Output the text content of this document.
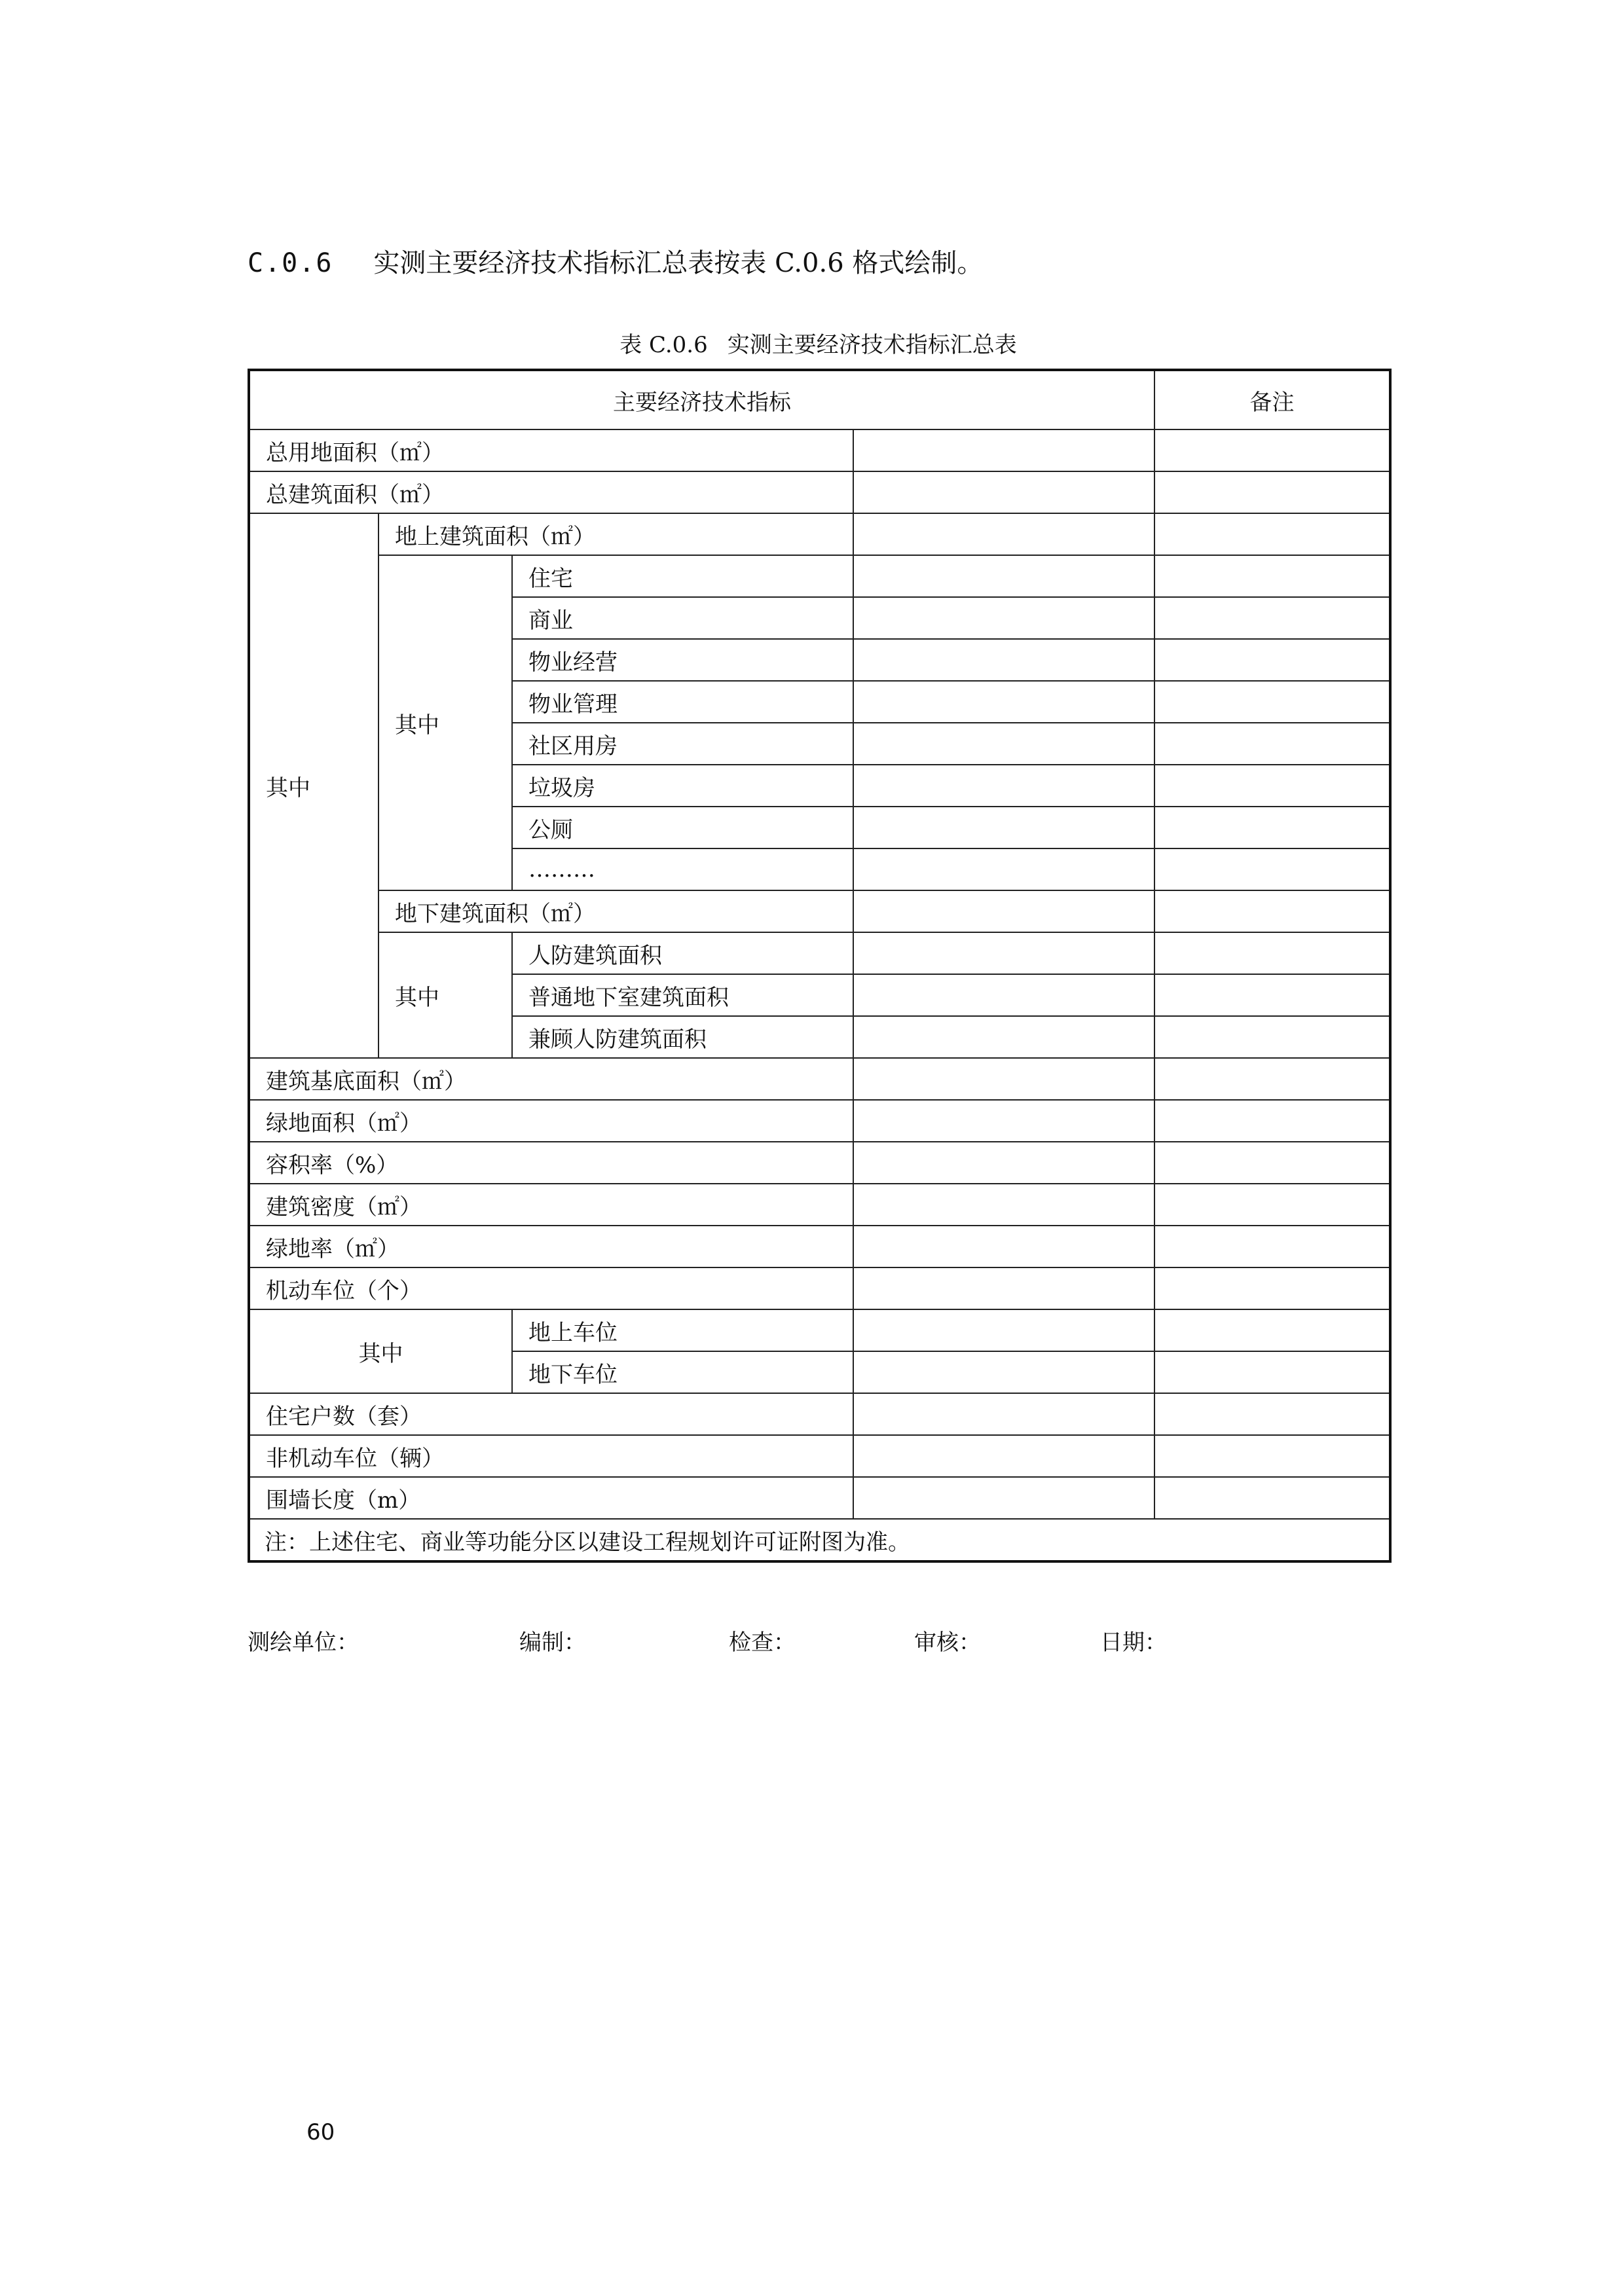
C.0.6 实测主要经济技术指标汇总表按表 C.0.6 格式绘制。
表 C.0.6 实测主要经济技术指标汇总表
主要经济技术指标				备注
总用地面积（㎡）				
总建筑面积（㎡）				
其中	地上建筑面积（㎡）			
	其中	住宅		
		商业		
		物业经营		
		物业管理		
		社区用房		
		垃圾房		
		公厕		
		………		
	地下建筑面积（㎡）			
	其中	人防建筑面积		
		普通地下室建筑面积		
		兼顾人防建筑面积		
建筑基底面积（㎡）				
绿地面积（㎡）				
容积率（%）				
建筑密度（㎡）				
绿地率（㎡）				
机动车位（个）				
其中		地上车位		
		地下车位		
住宅户数（套）				
非机动车位（辆）				
围墙长度（m）				
注：上述住宅、商业等功能分区以建设工程规划许可证附图为准。				
测绘单位：	编制：	检查：	审核：	日期：
60
